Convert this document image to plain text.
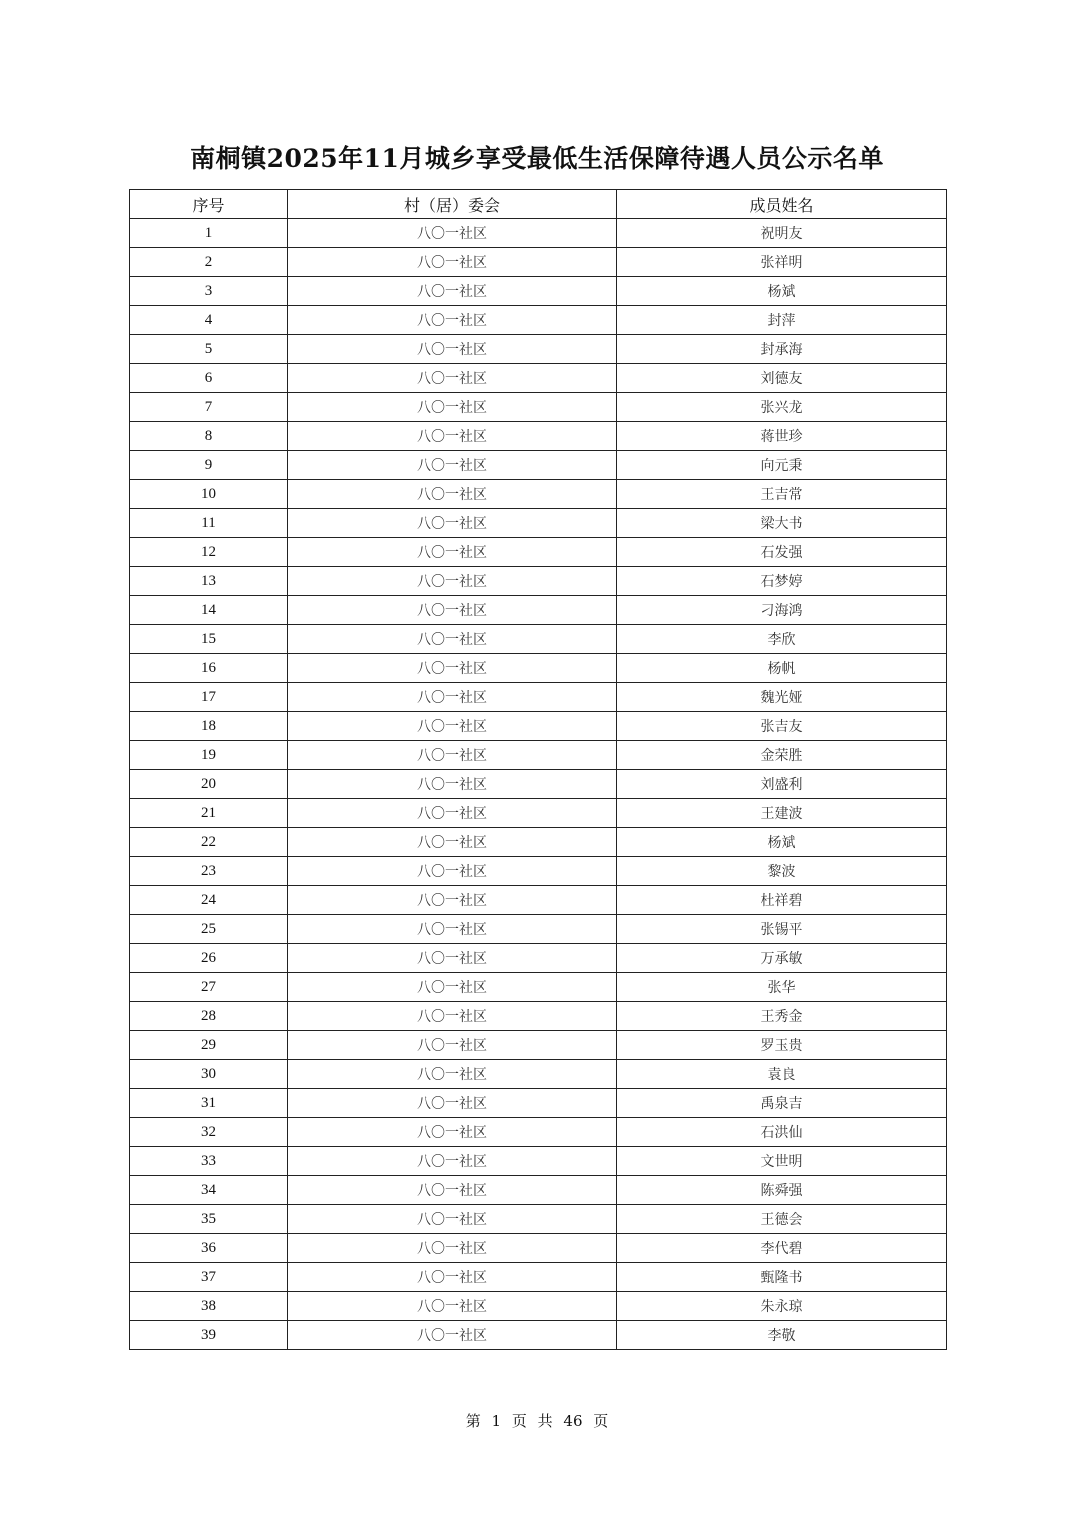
南桐镇2025年11月城乡享受最低生活保障待遇人员公示名单
序号	村（居）委会	成员姓名
1	八〇一社区	祝明友
2	八〇一社区	张祥明
3	八〇一社区	杨斌
4	八〇一社区	封萍
5	八〇一社区	封承海
6	八〇一社区	刘德友
7	八〇一社区	张兴龙
8	八〇一社区	蒋世珍
9	八〇一社区	向元秉
10	八〇一社区	王吉常
11	八〇一社区	梁大书
12	八〇一社区	石发强
13	八〇一社区	石梦婷
14	八〇一社区	刁海鸿
15	八〇一社区	李欣
16	八〇一社区	杨帆
17	八〇一社区	魏光娅
18	八〇一社区	张吉友
19	八〇一社区	金荣胜
20	八〇一社区	刘盛利
21	八〇一社区	王建波
22	八〇一社区	杨斌
23	八〇一社区	黎波
24	八〇一社区	杜祥碧
25	八〇一社区	张锡平
26	八〇一社区	万承敏
27	八〇一社区	张华
28	八〇一社区	王秀金
29	八〇一社区	罗玉贵
30	八〇一社区	袁良
31	八〇一社区	禹泉吉
32	八〇一社区	石洪仙
33	八〇一社区	文世明
34	八〇一社区	陈舜强
35	八〇一社区	王德会
36	八〇一社区	李代碧
37	八〇一社区	甄隆书
38	八〇一社区	朱永琼
39	八〇一社区	李敬
第 1 页 共 46 页
